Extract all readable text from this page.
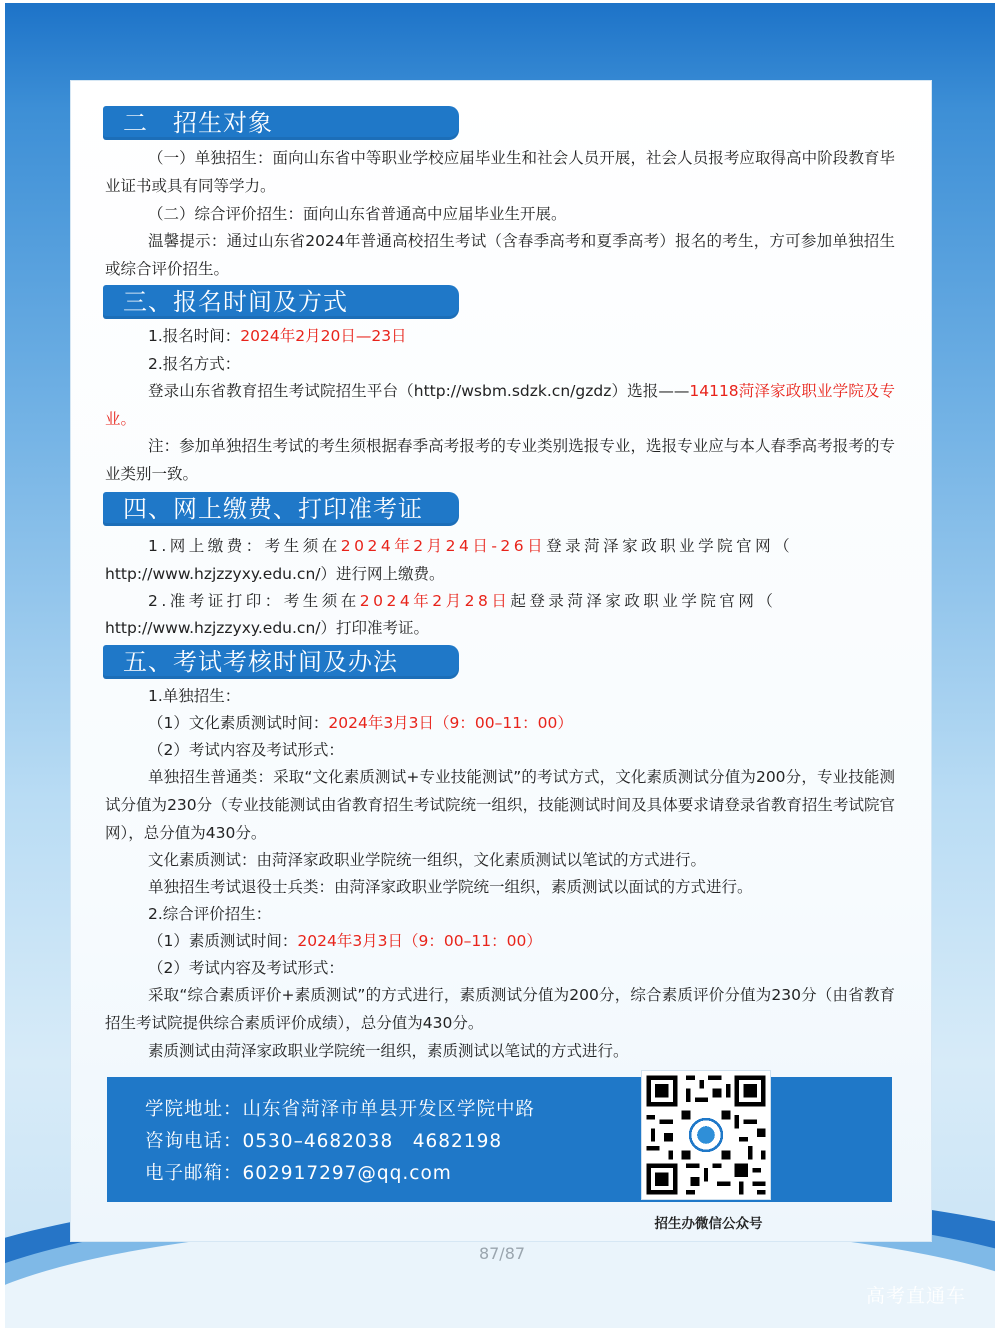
二　招生对象
（一）单独招生：面向山东省中等职业学校应届毕业生和社会人员开展，社会人员报考应取得高中阶段教育毕业证书或具有同等学力。
（二）综合评价招生：面向山东省普通高中应届毕业生开展。
温馨提示：通过山东省2024年普通高校招生考试（含春季高考和夏季高考）报名的考生，方可参加单独招生或综合评价招生。
三、报名时间及方式
1.报名时间：2024年2月20日—23日
2.报名方式：
登录山东省教育招生考试院招生平台（http://wsbm.sdzk.cn/gzdz）选报——14118菏泽家政职业学院及专业。
注：参加单独招生考试的考生须根据春季高考报考的专业类别选报专业，选报专业应与本人春季高考报考的专业类别一致。
四、网上缴费、打印准考证
1.网上缴费：考生须在2024年2月24日-26日登录菏泽家政职业学院官网（
http://www.hzjzzyxy.edu.cn/）进行网上缴费。
2.准考证打印：考生须在2024年2月28日起登录菏泽家政职业学院官网（
http://www.hzjzzyxy.edu.cn/）打印准考证。
五、考试考核时间及办法
1.单独招生：
（1）文化素质测试时间：2024年3月3日（9：00–11：00）
（2）考试内容及考试形式：
单独招生普通类：采取“文化素质测试+专业技能测试”的考试方式，文化素质测试分值为200分，专业技能测试分值为230分（专业技能测试由省教育招生考试院统一组织，技能测试时间及具体要求请登录省教育招生考试院官网），总分值为430分。
文化素质测试：由菏泽家政职业学院统一组织，文化素质测试以笔试的方式进行。
单独招生考试退役士兵类：由菏泽家政职业学院统一组织，素质测试以面试的方式进行。
2.综合评价招生：
（1）素质测试时间：2024年3月3日（9：00–11：00）
（2）考试内容及考试形式：
采取“综合素质评价+素质测试”的方式进行，素质测试分值为200分，综合素质评价分值为230分（由省教育招生考试院提供综合素质评价成绩），总分值为430分。
素质测试由菏泽家政职业学院统一组织，素质测试以笔试的方式进行。
学院地址：山东省菏泽市单县开发区学院中路
咨询电话：0530–4682038　4682198
电子邮箱：602917297@qq.com
招生办微信公众号
87/87
高考直通车
